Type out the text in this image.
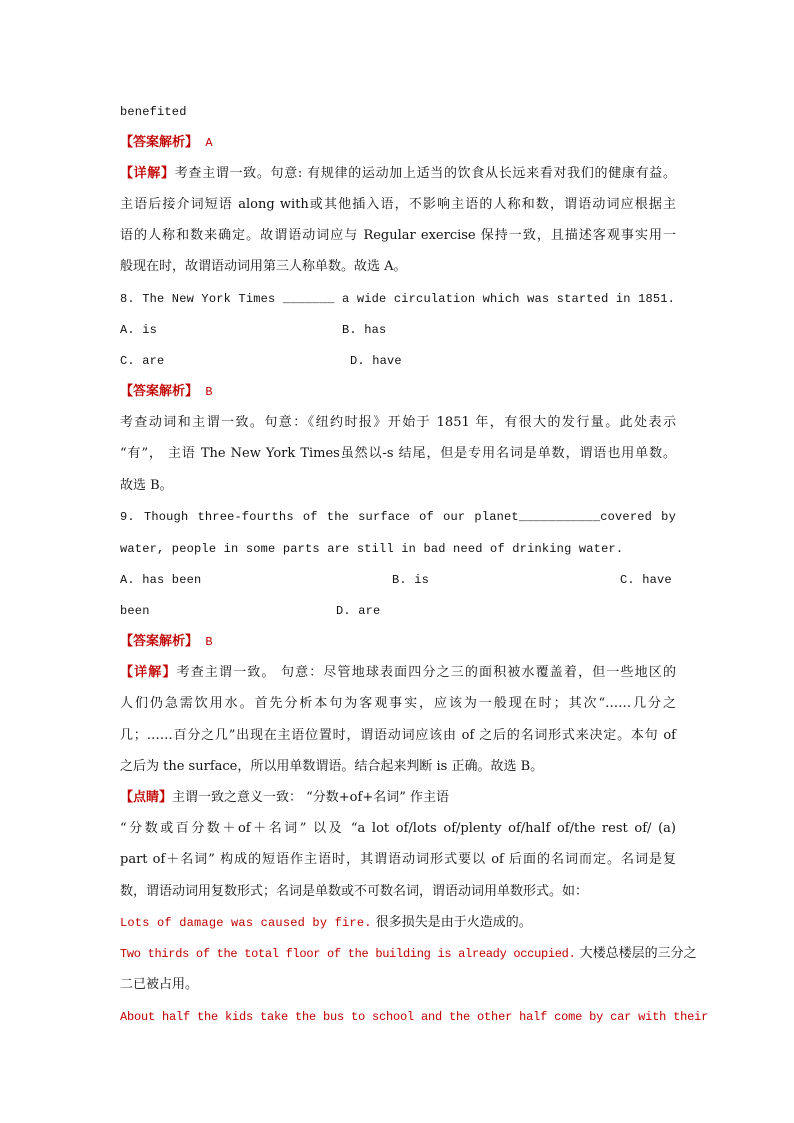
benefited
【答案解析】 A
【详解】考查主谓一致。句意: 有规律的运动加上适当的饮食从长远来看对我们的健康有益。
主语后接介词短语 along with或其他插入语，不影响主语的人称和数，谓语动词应根据主
语的人称和数来确定。故谓语动词应与 Regular exercise 保持一致，且描述客观事实用一
般现在时，故谓语动词用第三人称单数。故选 A。
8. The New York Times _______ a wide circulation which was started in 1851.
A. is	B. has
C. are	D. have
【答案解析】 B
考查动词和主谓一致。句意：《纽约时报》开始于 1851 年，有很大的发行量。此处表示
“有”， 主语 The New York Times虽然以-s 结尾，但是专用名词是单数，谓语也用单数。
故选 B。
9. Though three-fourths of the surface of our planet___________covered by
water, people in some parts are still in bad need of drinking water.
A. has been	B. is	C. have
been	D. are
【答案解析】 B
【详解】考查主谓一致。 句意：尽管地球表面四分之三的面积被水覆盖着，但一些地区的
人们仍急需饮用水。首先分析本句为客观事实，应该为一般现在时；其次“……几分之
几；……百分之几”出现在主语位置时，谓语动词应该由 of 之后的名词形式来决定。本句 of
之后为 the surface，所以用单数谓语。结合起来判断 is 正确。故选 B。
【点睛】主谓一致之意义一致： “分数+of+名词” 作主语
“分数或百分数＋of＋名词” 以及 “a lot of/lots of/plenty of/half of/the rest of/ (a)
part of＋名词” 构成的短语作主语时，其谓语动词形式要以 of 后面的名词而定。名词是复
数，谓语动词用复数形式；名词是单数或不可数名词，谓语动词用单数形式。如：
Lots of damage was caused by fire. 很多损失是由于火造成的。
Two thirds of the total floor of the building is already occupied. 大楼总楼层的三分之
二已被占用。
About half the kids take the bus to school and the other half come by car with their
